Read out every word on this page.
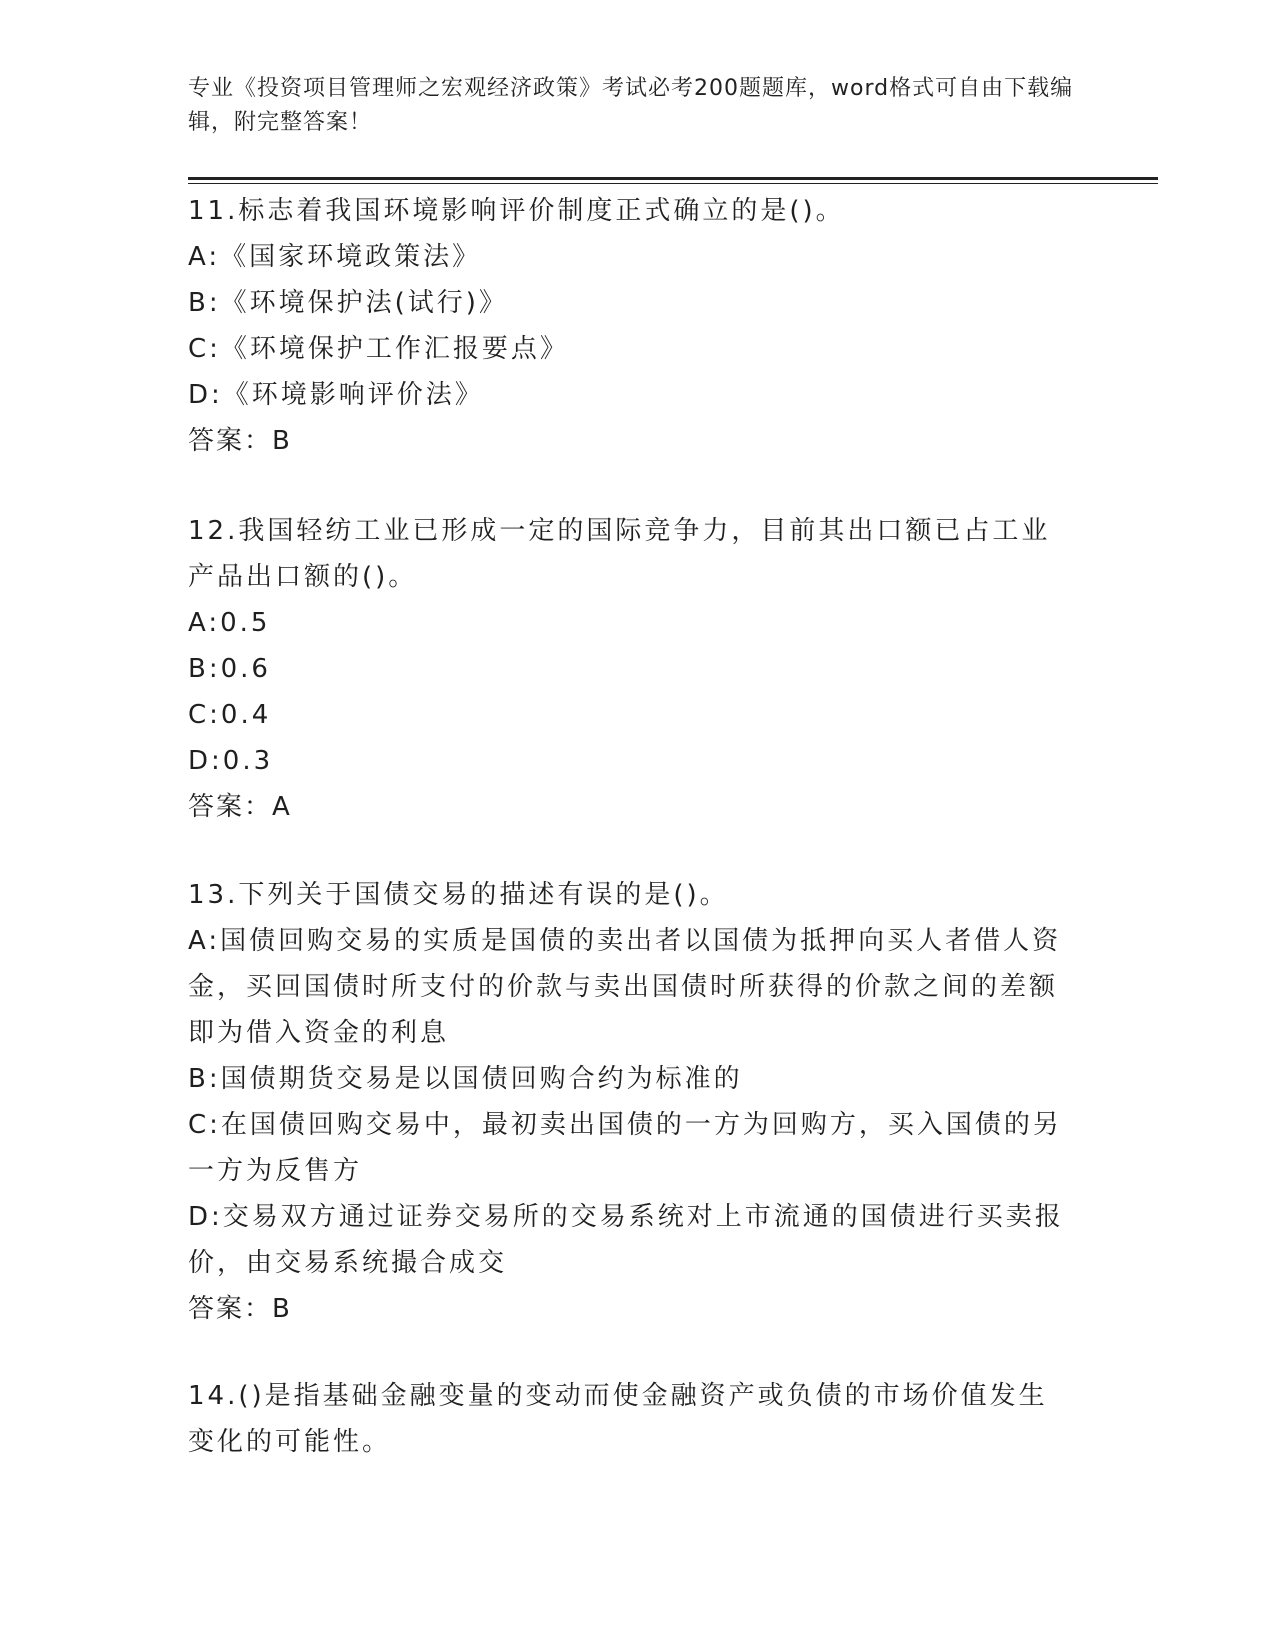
专业《投资项目管理师之宏观经济政策》考试必考200题题库，word格式可自由下载编辑，附完整答案！
11.标志着我国环境影响评价制度正式确立的是()。
A:《国家环境政策法》
B:《环境保护法(试行)》
C:《环境保护工作汇报要点》
D:《环境影响评价法》
答案：B
12.我国轻纺工业已形成一定的国际竞争力，目前其出口额已占工业产品出口额的()。
A:0.5
B:0.6
C:0.4
D:0.3
答案：A
13.下列关于国债交易的描述有误的是()。
A:国债回购交易的实质是国债的卖出者以国债为抵押向买人者借人资金，买回国债时所支付的价款与卖出国债时所获得的价款之间的差额即为借入资金的利息
B:国债期货交易是以国债回购合约为标准的
C:在国债回购交易中，最初卖出国债的一方为回购方，买入国债的另一方为反售方
D:交易双方通过证券交易所的交易系统对上市流通的国债进行买卖报价，由交易系统撮合成交
答案：B
14.()是指基础金融变量的变动而使金融资产或负债的市场价值发生变化的可能性。
